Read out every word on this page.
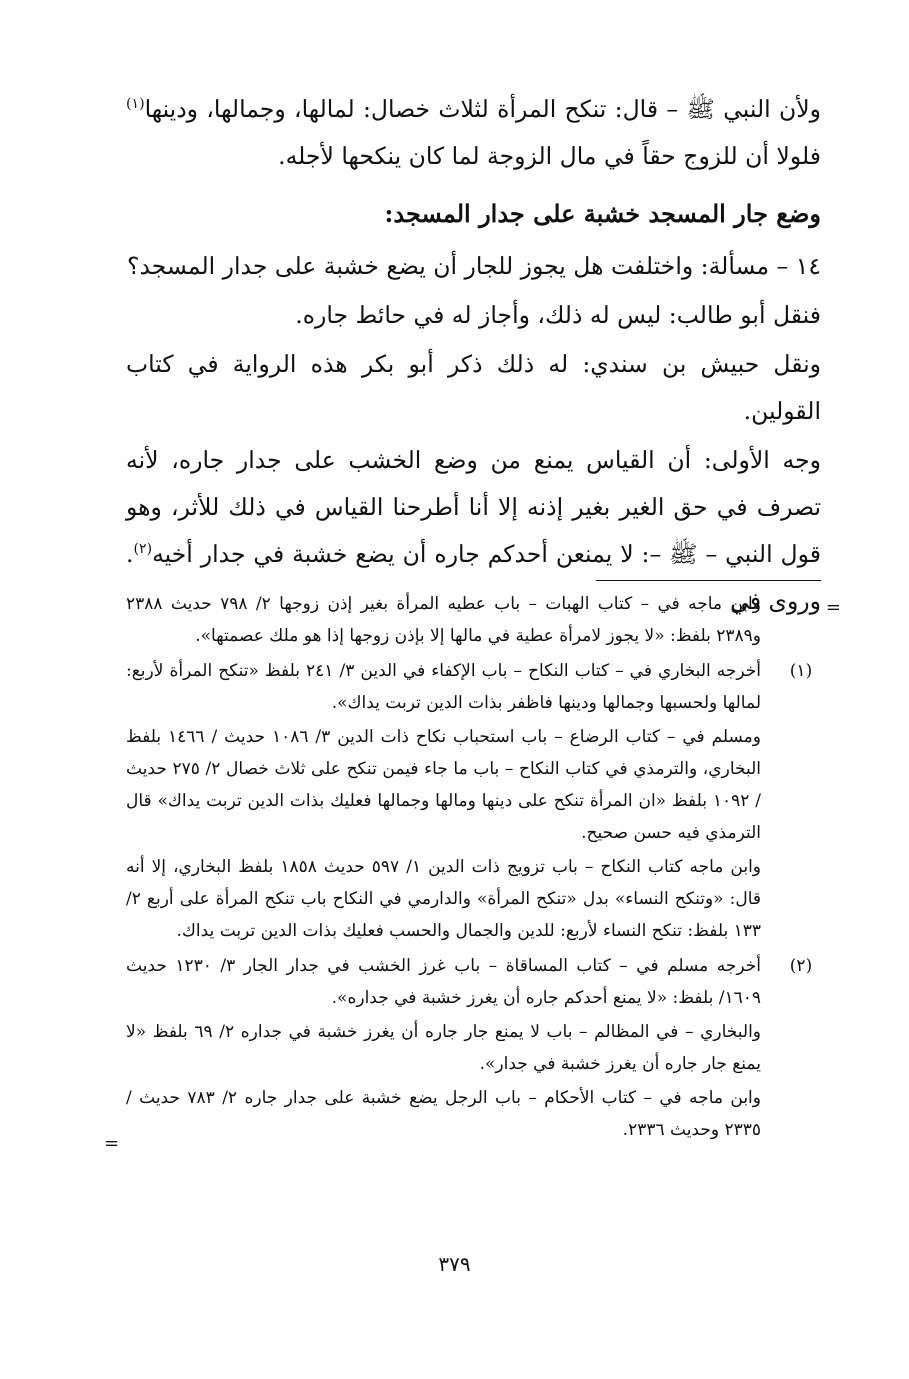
ولأن النبي ﷺ – قال: تنكح المرأة لثلاث خصال: لمالها، وجمالها، ودينها$^{(١)}$ فلولا أن للزوج حقاً في مال الزوجة لما كان ينكحها لأجله.

وضع جار المسجد خشبة على جدار المسجد:

١٤ – مسألة: واختلفت هل يجوز للجار أن يضع خشبة على جدار المسجد؟

فنقل أبو طالب: ليس له ذلك، وأجاز له في حائط جاره.

ونقل حبيش بن سندي: له ذلك ذكر أبو بكر هذه الرواية في كتاب القولين.

وجه الأولى: أن القياس يمنع من وضع الخشب على جدار جاره، لأنه تصرف في حق الغير بغير إذنه إلا أنا أطرحنا القياس في ذلك للأثر، وهو قول النبي – ﷺ –: لا يمنعن أحدكم جاره أن يضع خشبة في جدار أخيه$^{(٢)}$. وروى في =

وابن ماجه في – كتاب الهبات – باب عطيه المرأة بغير إذن زوجها ٢/ ٧٩٨ حديث ٢٣٨٨ و٢٣٨٩ بلفظ: «لا يجوز لامرأة عطية في مالها إلا بإذن زوجها إذا هو ملك عصمتها».

(١)

أخرجه البخاري في – كتاب النكاح – باب الإكفاء في الدين ٣/ ٢٤١ بلفظ «تنكح المرأة لأربع: لمالها ولحسبها وجمالها ودينها فاظفر بذات الدين تربت يداك».

ومسلم في – كتاب الرضاع – باب استحباب نكاح ذات الدين ٣/ ١٠٨٦ حديث / ١٤٦٦ بلفظ البخاري، والترمذي في كتاب النكاح – باب ما جاء فيمن تنكح على ثلاث خصال ٢/ ٢٧٥ حديث / ١٠٩٢ بلفظ «ان المرأة تنكح على دينها ومالها وجمالها فعليك بذات الدين تربت يداك» قال الترمذي فيه حسن صحيح.

وابن ماجه كتاب النكاح – باب تزويج ذات الدين ١/ ٥٩٧ حديث ١٨٥٨ بلفظ البخاري، إلا أنه قال: «وتنكح النساء» بدل «تنكح المرأة» والدارمي في النكاح باب تنكح المرأة على أربع ٢/ ١٣٣ بلفظ: تنكح النساء لأربع: للدين والجمال والحسب فعليك بذات الدين تربت يداك.

(٢)

أخرجه مسلم في – كتاب المساقاة – باب غرز الخشب في جدار الجار ٣/ ١٢٣٠ حديث ١٦٠٩/ بلفظ: «لا يمنع أحدكم جاره أن يغرز خشبة في جداره».

والبخاري – في المظالم – باب لا يمنع جار جاره أن يغرز خشبة في جداره ٢/ ٦٩ بلفظ «لا يمنع جار جاره أن يغرز خشبة في جدار».

وابن ماجه في – كتاب الأحكام – باب الرجل يضع خشبة على جدار جاره ٢/ ٧٨٣ حديث / ٢٣٣٥ وحديث ٢٣٣٦.

=
٣٧٩
